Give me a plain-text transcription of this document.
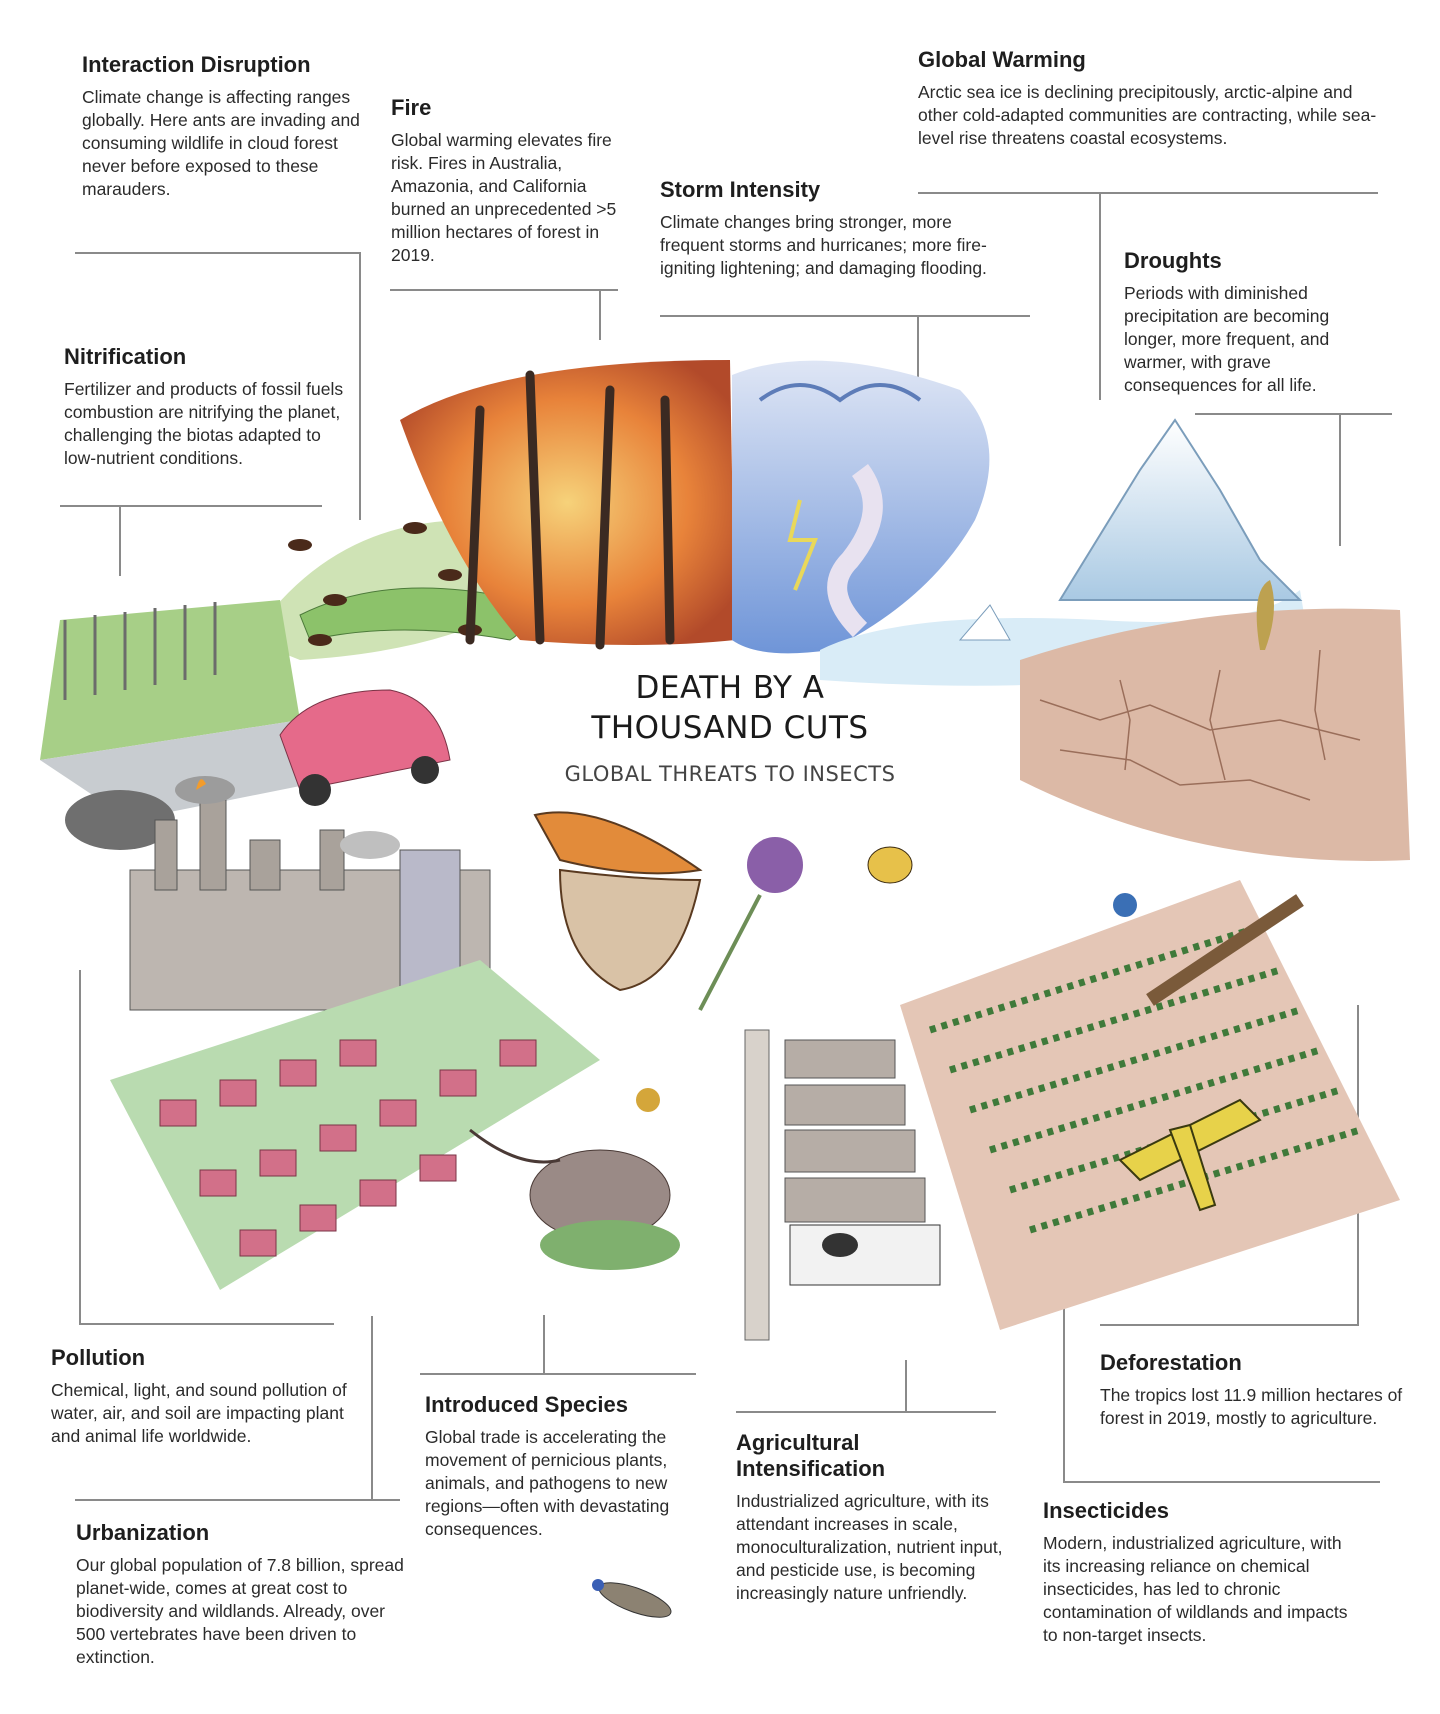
DEATH BY A
THOUSAND CUTS
GLOBAL THREATS TO INSECTS
Interaction Disruption

Climate change is affecting ranges globally. Here ants are invading and consuming wildlife in cloud forest never before exposed to these marauders.

Fire

Global warming elevates fire risk. Fires in Australia, Amazonia, and California burned an unprecedented >5 million hectares of forest in 2019.

Storm Intensity

Climate changes bring stronger, more frequent storms and hurricanes; more fire-igniting lightening; and damaging flooding.

Global Warming

Arctic sea ice is declining precipitously, arctic-alpine and other cold-adapted communities are contracting, while sea-level rise threatens coastal ecosystems.

Droughts

Periods with diminished precipitation are becoming longer, more frequent, and warmer, with grave consequences for all life.

Nitrification

Fertilizer and products of fossil fuels combustion are nitrifying the planet, challenging the biotas adapted to low-nutrient conditions.

Pollution

Chemical, light, and sound pollution of water, air, and soil are impacting plant and animal life worldwide.

Urbanization

Our global population of 7.8 billion, spread planet-wide, comes at great cost to biodiversity and wildlands. Already, over 500 vertebrates have been driven to extinction.

Introduced Species

Global trade is accelerating the movement of pernicious plants, animals, and pathogens to new regions—often with devastating consequences.

Agricultural
Intensification

Industrialized agriculture, with its attendant increases in scale, monoculturalization, nutrient input, and pesticide use, is becoming increasingly nature unfriendly.

Deforestation

The tropics lost 11.9 million hectares of forest in 2019, mostly to agriculture.

Insecticides

Modern, industrialized agriculture, with its increasing reliance on chemical insecticides, has led to chronic contamination of wildlands and impacts to non-target insects.
